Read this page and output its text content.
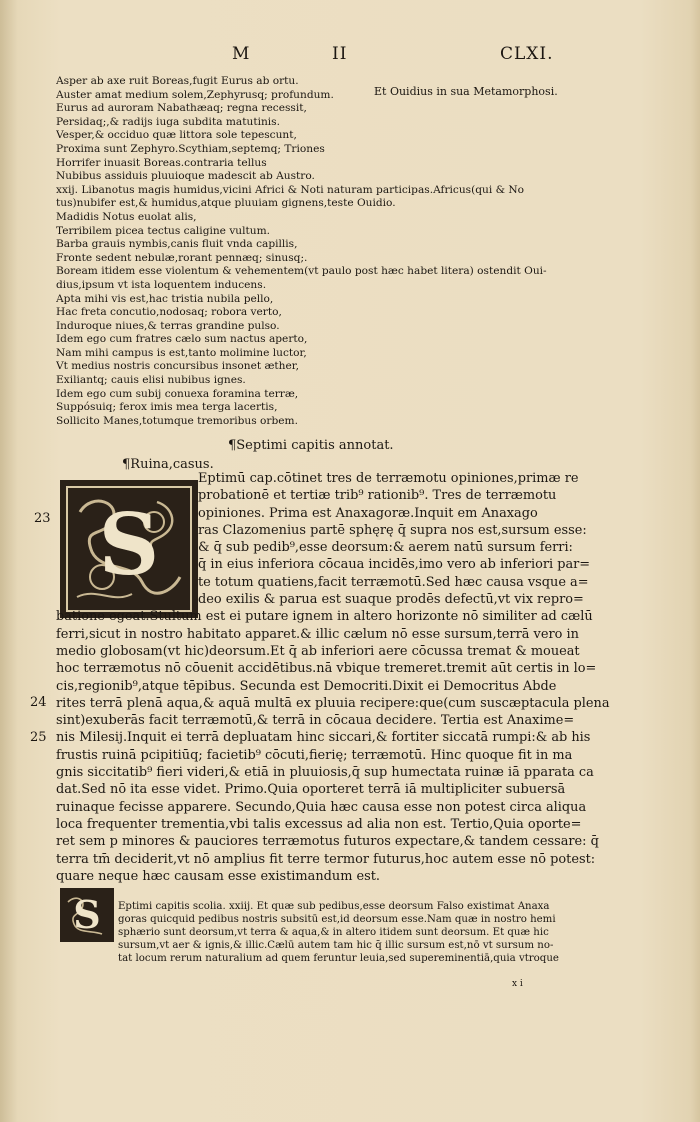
M	II	CLXI.
Et Ouidius in sua Metamorphosi.
Asper ab axe ruit Boreas,fugit Eurus ab ortu.
Auster amat medium solem,Zephyrusq; profundum.
Eurus ad auroram Nabathæaq; regna recessit,
Persidaq;,& radijs iuga subdita matutinis.
Vesper,& occiduo quæ littora sole tepescunt,
Proxima sunt Zephyro.Scythiam,septemq; Triones
Horrifer inuasit Boreas.contraria tellus
Nubibus assiduis pluuioque madescit ab Austro.
xxij. Libanotus magis humidus,vicini Africi & Noti naturam participas.Africus(qui & No
tus)nubifer est,& humidus,atque pluuiam gignens,teste Ouidio.
Madidis Notus euolat alis,
Terribilem picea tectus caligine vultum.
Barba grauis nymbis,canis fluit vnda capillis,
Fronte sedent nebulæ,rorant pennæq; sinusq;.
Boream itidem esse violentum & vehementem(vt paulo post hæc habet litera) ostendit Oui-
dius,ipsum vt ista loquentem inducens.
Apta mihi vis est,hac tristia nubila pello,
Hac freta concutio,nodosaq; robora verto,
Induroque niues,& terras grandine pulso.
Idem ego cum fratres cælo sum nactus aperto,
Nam mihi campus is est,tanto molimine luctor,
Vt medius nostris concursibus insonet æther,
Exiliantq; cauis elisi nubibus ignes.
Idem ego cum subij conuexa foramina terræ,
Suppósuiq; ferox imis mea terga lacertis,
Sollicito Manes,totumque tremoribus orbem.
¶Septimi capitis annotat.
¶Ruina,casus.
S
23
24
25
Eptimū cap.cōtinet tres de terræmotu opiniones,primæ re
probationē et tertiæ trib⁹ rationib⁹. Tres de terræmotu
opiniones. Prima est Anaxagoræ.Inquit em Anaxago
ras Clazomenius partē sphęrę q̄ supra nos est,sursum esse:
& q̄ sub pedib⁹,esse deorsum:& aerem natū sursum ferri:
q̄ in eius inferiora cōcaua incidēs,imo vero ab inferiori par=
te totum quatiens,facit terræmotū.Sed hæc causa vsque a=
deo exilis & parua est suaque prodēs defectū,vt vix repro=
batione egeat.Stultum est ei putare ignem in altero horizonte nō similiter ad cælū
ferri,sicut in nostro habitato apparet.& illic cælum nō esse sursum,terrā vero in
medio globosam(vt hic)deorsum.Et q̄ ab inferiori aere cōcussa tremat & moueat
hoc terræmotus nō cōuenit accidētibus.nā vbique tremeret.tremit aūt certis in lo=
cis,regionib⁹,atque tēpibus. Secunda est Democriti.Dixit ei Democritus Abde
rites terrā plenā aqua,& aquā multā ex pluuia recipere:que(cum suscæptacula plena
sint)exuberās facit terræmotū,& terrā in cōcaua decidere. Tertia est Anaxime=
nis Milesij.Inquit ei terrā depluatam hinc siccari,& fortiter siccatā rumpi:& ab his
frustis ruinā pcipitiūq; facietib⁹ cōcuti,fierię; terræmotū. Hinc quoque fit in ma
gnis siccitatib⁹ fieri videri,& etiā in pluuiosis,q̄ sup humectata ruinæ iā pparata ca
dat.Sed nō ita esse videt. Primo.Quia oporteret terrā iā multipliciter subuersā
ruinaque fecisse apparere. Secundo,Quia hæc causa esse non potest circa aliqua
loca frequenter trementia,vbi talis excessus ad alia non est. Tertio,Quia oporte=
ret sem p minores & pauciores terræmotus futuros expectare,& tandem cessare: q̄
terra tm̄ deciderit,vt nō amplius fit terre termor futurus,hoc autem esse nō potest:
quare neque hæc causam esse existimandum est.
S Eptimi capitis scolia. xxiij. Et quæ sub pedibus,esse deorsum Falso existimat Anaxa
goras quicquid pedibus nostris subsitū est,id deorsum esse.Nam quæ in nostro hemi
sphærio sunt deorsum,vt terra & aqua,& in altero itidem sunt deorsum. Et quæ hic
sursum,vt aer & ignis,& illic.Cælū autem tam hic q̄ illic sursum est,nō vt sursum no-
tat locum rerum naturalium ad quem feruntur leuia,sed supereminentiā,quia vtroque
x i
